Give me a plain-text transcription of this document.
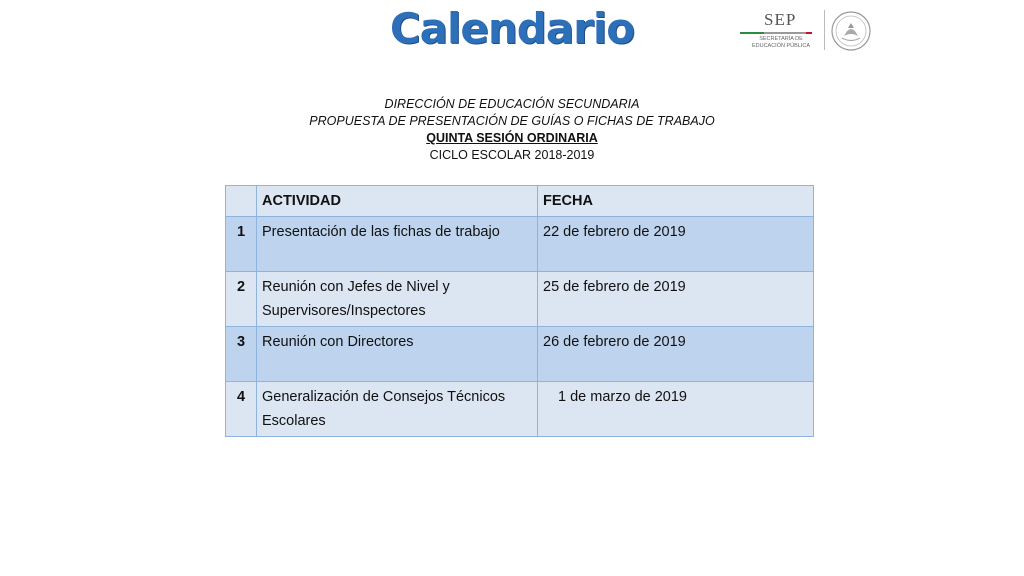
Calendario	SEP
SECRETARÍA DE EDUCACIÓN PÚBLICA
DIRECCIÓN DE EDUCACIÓN SECUNDARIA
PROPUESTA DE PRESENTACIÓN DE GUÍAS O FICHAS DE TRABAJO
QUINTA SESIÓN ORDINARIA
CICLO ESCOLAR 2018-2019
	ACTIVIDAD	FECHA
1	Presentación de las fichas de trabajo	22 de febrero de 2019
2	Reunión con Jefes de Nivel y Supervisores/Inspectores	25 de febrero de 2019
3	Reunión con Directores	26 de febrero de 2019
4	Generalización de Consejos Técnicos Escolares	1 de marzo de 2019
